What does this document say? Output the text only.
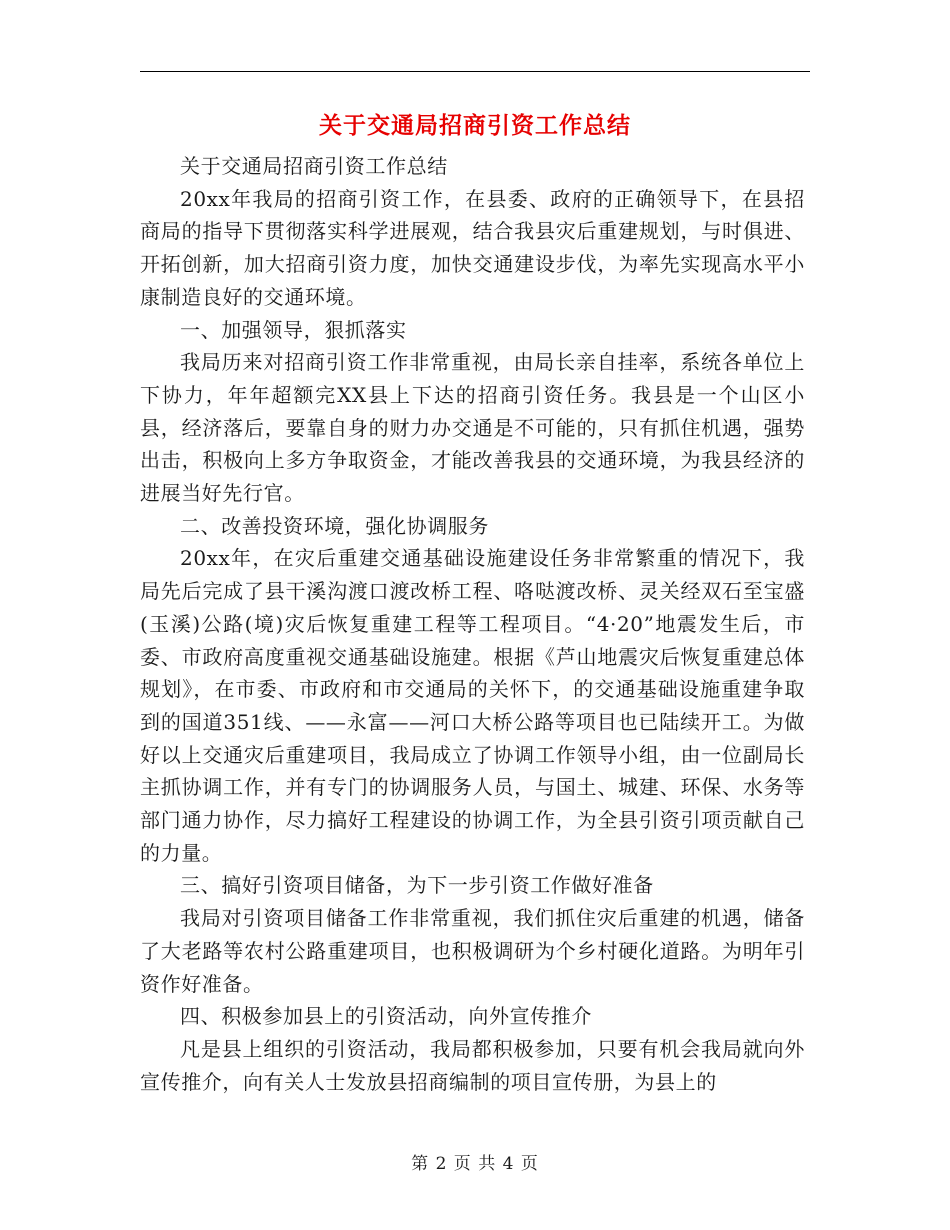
关于交通局招商引资工作总结

关于交通局招商引资工作总结

20xx年我局的招商引资工作，在县委、政府的正确领导下，在县招商局的指导下贯彻落实科学进展观，结合我县灾后重建规划，与时俱进、开拓创新，加大招商引资力度，加快交通建设步伐，为率先实现高水平小康制造良好的交通环境。

一、加强领导，狠抓落实

我局历来对招商引资工作非常重视，由局长亲自挂率，系统各单位上下协力，年年超额完XX县上下达的招商引资任务。我县是一个山区小县，经济落后，要靠自身的财力办交通是不可能的，只有抓住机遇，强势出击，积极向上多方争取资金，才能改善我县的交通环境，为我县经济的进展当好先行官。

二、改善投资环境，强化协调服务

20xx年，在灾后重建交通基础设施建设任务非常繁重的情况下，我局先后完成了县干溪沟渡口渡改桥工程、咯哒渡改桥、灵关经双石至宝盛(玉溪)公路(境)灾后恢复重建工程等工程项目。“4·20”地震发生后，市委、市政府高度重视交通基础设施建。根据《芦山地震灾后恢复重建总体规划》，在市委、市政府和市交通局的关怀下，的交通基础设施重建争取到的国道351线、——永富——河口大桥公路等项目也已陆续开工。为做好以上交通灾后重建项目，我局成立了协调工作领导小组，由一位副局长主抓协调工作，并有专门的协调服务人员，与国土、城建、环保、水务等部门通力协作，尽力搞好工程建设的协调工作，为全县引资引项贡献自己的力量。

三、搞好引资项目储备，为下一步引资工作做好准备

我局对引资项目储备工作非常重视，我们抓住灾后重建的机遇，储备了大老路等农村公路重建项目，也积极调研为个乡村硬化道路。为明年引资作好准备。

四、积极参加县上的引资活动，向外宣传推介

凡是县上组织的引资活动，我局都积极参加，只要有机会我局就向外宣传推介，向有关人士发放县招商编制的项目宣传册，为县上的

第 2 页 共 4 页
